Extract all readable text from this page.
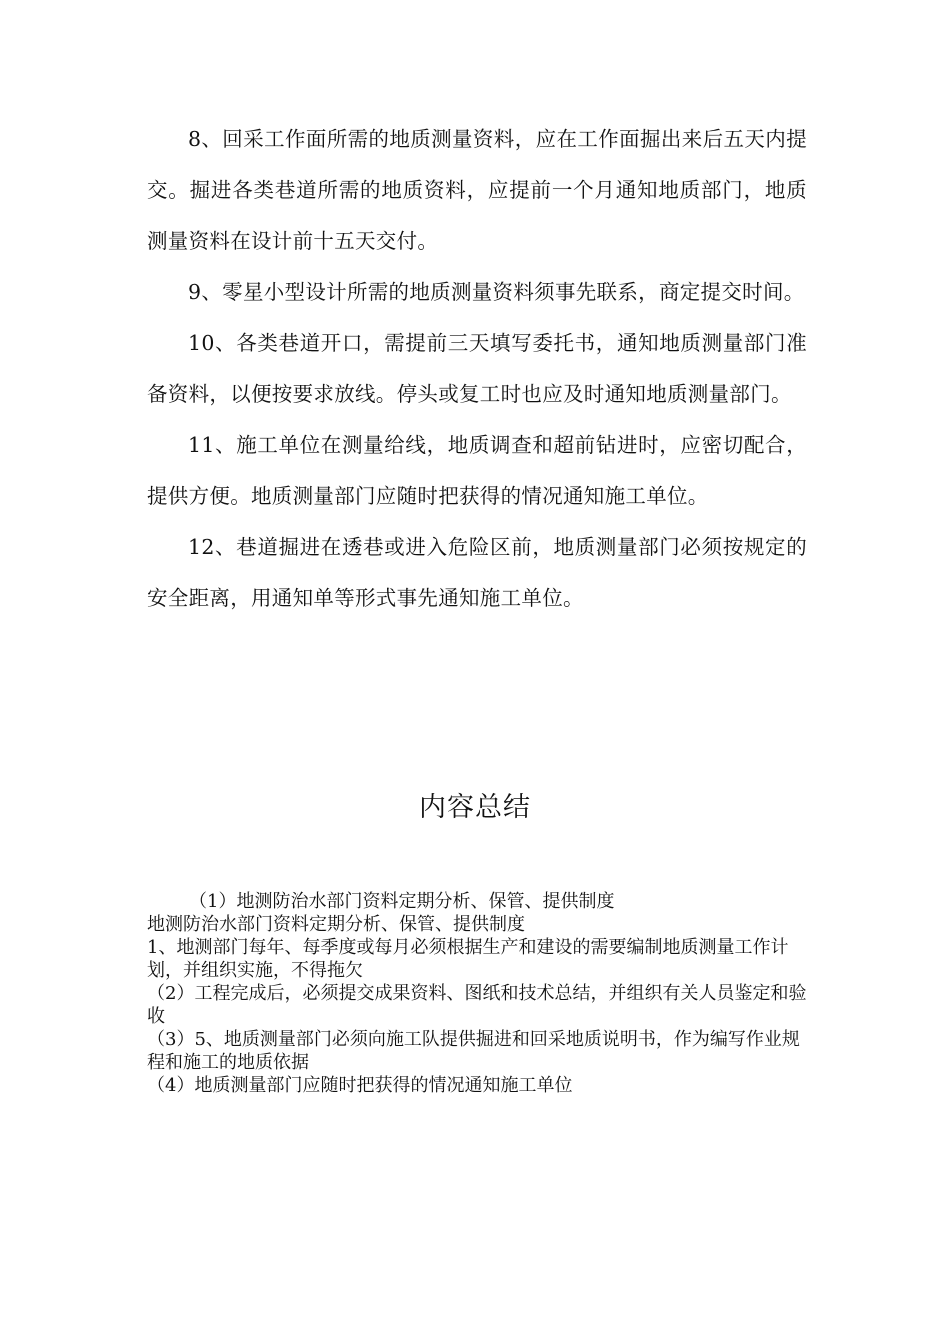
8、回采工作面所需的地质测量资料，应在工作面掘出来后五天内提交。掘进各类巷道所需的地质资料，应提前一个月通知地质部门，地质测量资料在设计前十五天交付。

9、零星小型设计所需的地质测量资料须事先联系，商定提交时间。

10、各类巷道开口，需提前三天填写委托书，通知地质测量部门准备资料，以便按要求放线。停头或复工时也应及时通知地质测量部门。

11、施工单位在测量给线，地质调查和超前钻进时，应密切配合，提供方便。地质测量部门应随时把获得的情况通知施工单位。

12、巷道掘进在透巷或进入危险区前，地质测量部门必须按规定的安全距离，用通知单等形式事先通知施工单位。

内容总结

（1）地测防治水部门资料定期分析、保管、提供制度

地测防治水部门资料定期分析、保管、提供制度

1、地测部门每年、每季度或每月必须根据生产和建设的需要编制地质测量工作计划，并组织实施，不得拖欠

（2）工程完成后，必须提交成果资料、图纸和技术总结，并组织有关人员鉴定和验收

（3）5、地质测量部门必须向施工队提供掘进和回采地质说明书，作为编写作业规程和施工的地质依据

（4）地质测量部门应随时把获得的情况通知施工单位
